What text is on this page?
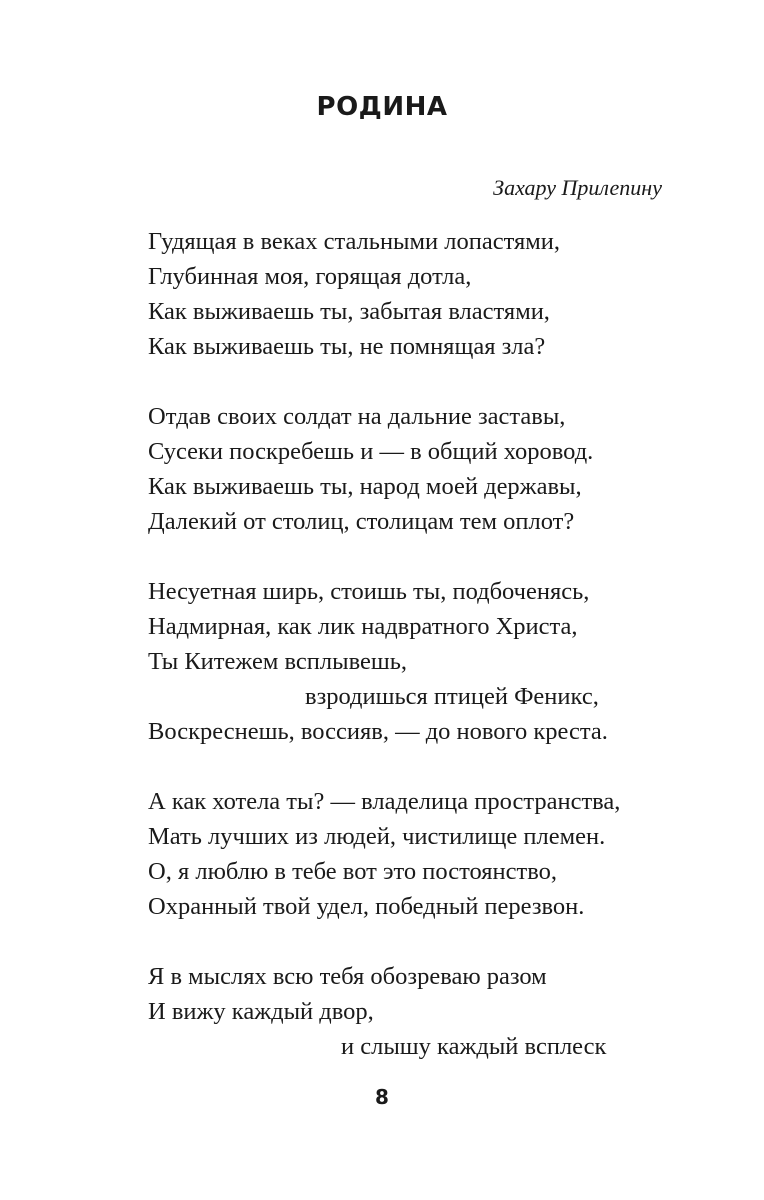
РОДИНА
Захару Прилепину
Гудящая в веках стальными лопастями,
Глубинная моя, горящая дотла,
Как выживаешь ты, забытая властями,
Как выживаешь ты, не помнящая зла?
Отдав своих солдат на дальние заставы,
Сусеки поскребешь и — в общий хоровод.
Как выживаешь ты, народ моей державы,
Далекий от столиц, столицам тем оплот?
Несуетная ширь, стоишь ты, подбоченясь,
Надмирная, как лик надвратного Христа,
Ты Китежем всплывешь,
взродишься птицей Феникс,
Воскреснешь, воссияв, — до нового креста.
А как хотела ты? — владелица пространства,
Мать лучших из людей, чистилище племен.
О, я люблю в тебе вот это постоянство,
Охранный твой удел, победный перезвон.
Я в мыслях всю тебя обозреваю разом
И вижу каждый двор,
и слышу каждый всплеск
8
